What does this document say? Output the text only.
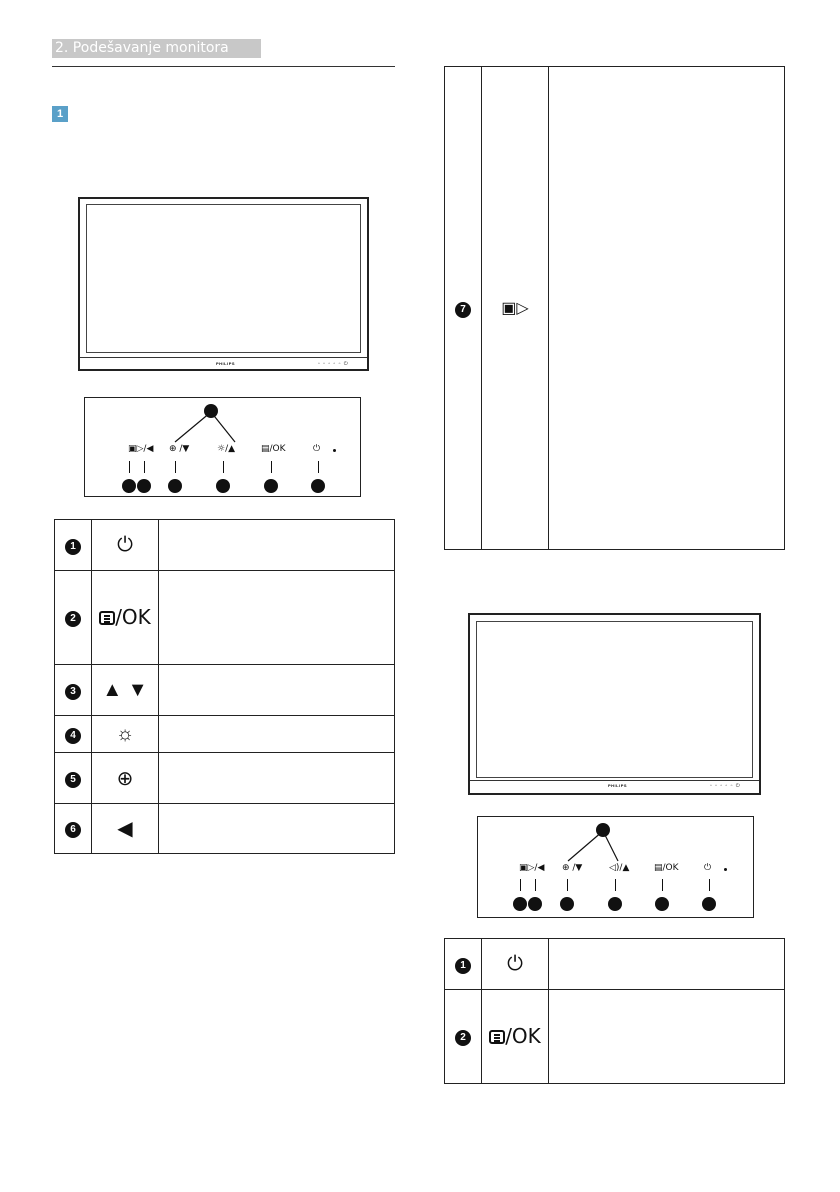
2. Podešavanje monitora
1
PHILIPS	▫ ▫ ▫ ▫ ▫ ⏻
▣▷/◀ ⊕ /▼	☼/▲	▤/OK	⏻
1	⏻	
2	/OK	
3	▲ ▼	
4	☼	
5	⊕	
6	◀	
7	▣▷	
PHILIPS	▫ ▫ ▫ ▫ ▫ ⏻
▣▷/◀ ⊕ /▼	◁)/▲	▤/OK	⏻
1	⏻	
2	/OK	
